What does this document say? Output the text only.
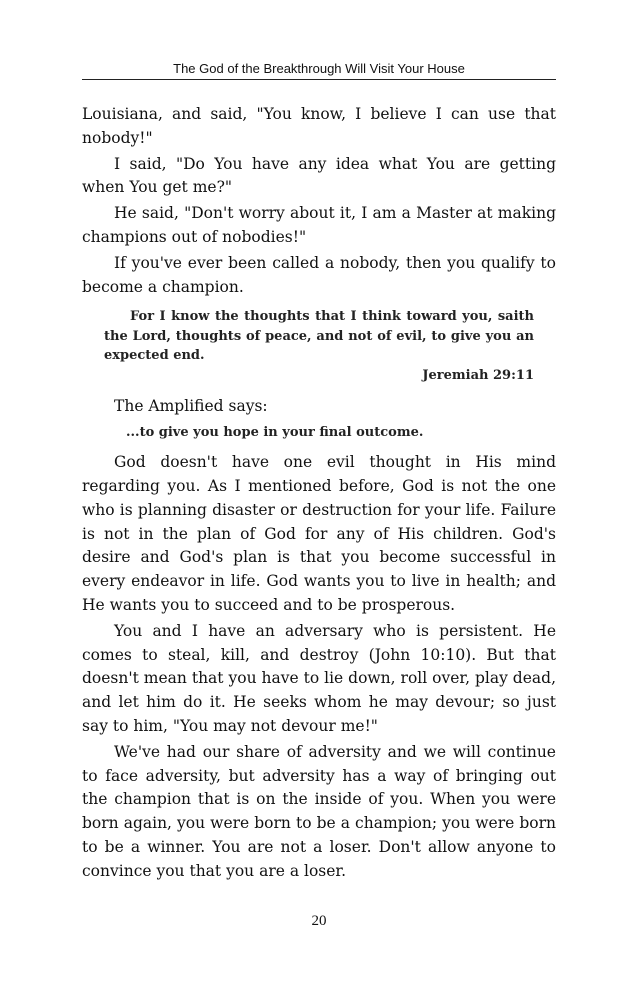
The God of the Breakthrough Will Visit Your House

Louisiana, and said, "You know, I believe I can use that nobody!"

I said, "Do You have any idea what You are getting when You get me?"

He said, "Don't worry about it, I am a Master at making champions out of nobodies!"

If you've ever been called a nobody, then you qualify to become a champion.

For I know the thoughts that I think toward you, saith the Lord, thoughts of peace, and not of evil, to give you an expected end.

Jeremiah 29:11

The Amplified says:

...to give you hope in your final outcome.

God doesn't have one evil thought in His mind regarding you. As I mentioned before, God is not the one who is planning disaster or destruction for your life. Failure is not in the plan of God for any of His children. God's desire and God's plan is that you become successful in every endeavor in life. God wants you to live in health; and He wants you to succeed and to be prosperous.

You and I have an adversary who is persistent. He comes to steal, kill, and destroy (John 10:10). But that doesn't mean that you have to lie down, roll over, play dead, and let him do it. He seeks whom he may devour; so just say to him, "You may not devour me!"

We've had our share of adversity and we will continue to face adversity, but adversity has a way of bringing out the champion that is on the inside of you. When you were born again, you were born to be a champion; you were born to be a winner. You are not a loser. Don't allow anyone to convince you that you are a loser.

20
